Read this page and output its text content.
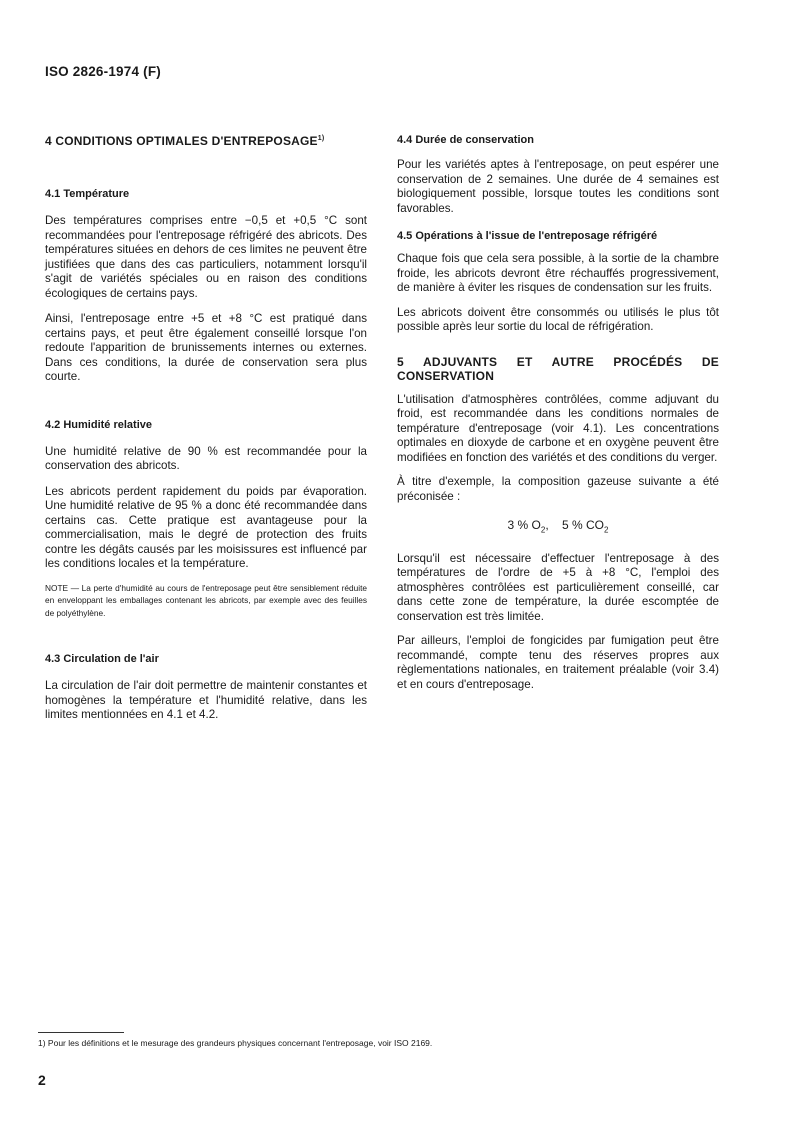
ISO 2826-1974 (F)
4 CONDITIONS OPTIMALES D'ENTREPOSAGE$^{1)}$
4.1 Température

Des températures comprises entre −0,5 et +0,5 °C sont recommandées pour l'entreposage réfrigéré des abricots. Des températures situées en dehors de ces limites ne peuvent être justifiées que dans des cas particuliers, notamment lorsqu'il s'agit de variétés spéciales ou en raison des conditions écologiques de certains pays.

Ainsi, l'entreposage entre +5 et +8 °C est pratiqué dans certains pays, et peut être également conseillé lorsque l'on redoute l'apparition de brunissements internes ou externes. Dans ces conditions, la durée de conservation sera plus courte.

4.2 Humidité relative

Une humidité relative de 90 % est recommandée pour la conservation des abricots.

Les abricots perdent rapidement du poids par évaporation. Une humidité relative de 95 % a donc été recommandée dans certains cas. Cette pratique est avantageuse pour la commercialisation, mais le degré de protection des fruits contre les dégâts causés par les moisissures est influencé par les conditions locales et la température.

NOTE — La perte d'humidité au cours de l'entreposage peut être sensiblement réduite en enveloppant les emballages contenant les abricots, par exemple avec des feuilles de polyéthylène.

4.3 Circulation de l'air

La circulation de l'air doit permettre de maintenir constantes et homogènes la température et l'humidité relative, dans les limites mentionnées en 4.1 et 4.2.

4.4 Durée de conservation

Pour les variétés aptes à l'entreposage, on peut espérer une conservation de 2 semaines. Une durée de 4 semaines est biologiquement possible, lorsque toutes les conditions sont favorables.

4.5 Opérations à l'issue de l'entreposage réfrigéré

Chaque fois que cela sera possible, à la sortie de la chambre froide, les abricots devront être réchauffés progressivement, de manière à éviter les risques de condensation sur les fruits.

Les abricots doivent être consommés ou utilisés le plus tôt possible après leur sortie du local de réfrigération.

5 ADJUVANTS ET AUTRE PROCÉDÉS DE CONSERVATION

L'utilisation d'atmosphères contrôlées, comme adjuvant du froid, est recommandée dans les conditions normales de température d'entreposage (voir 4.1). Les concentrations optimales en dioxyde de carbone et en oxygène peuvent être modifiées en fonction des variétés et des conditions du verger.

À titre d'exemple, la composition gazeuse suivante a été préconisée :

3 % $O_2$,    5 % $CO_2$

Lorsqu'il est nécessaire d'effectuer l'entreposage à des températures de l'ordre de +5 à +8 °C, l'emploi des atmosphères contrôlées est particulièrement conseillé, car dans cette zone de température, la durée escomptée de conservation est très limitée.

Par ailleurs, l'emploi de fongicides par fumigation peut être recommandé, compte tenu des réserves propres aux règlementations nationales, en traitement préalable (voir 3.4) et en cours d'entreposage.

1) Pour les définitions et le mesurage des grandeurs physiques concernant l'entreposage, voir ISO 2169.
2
